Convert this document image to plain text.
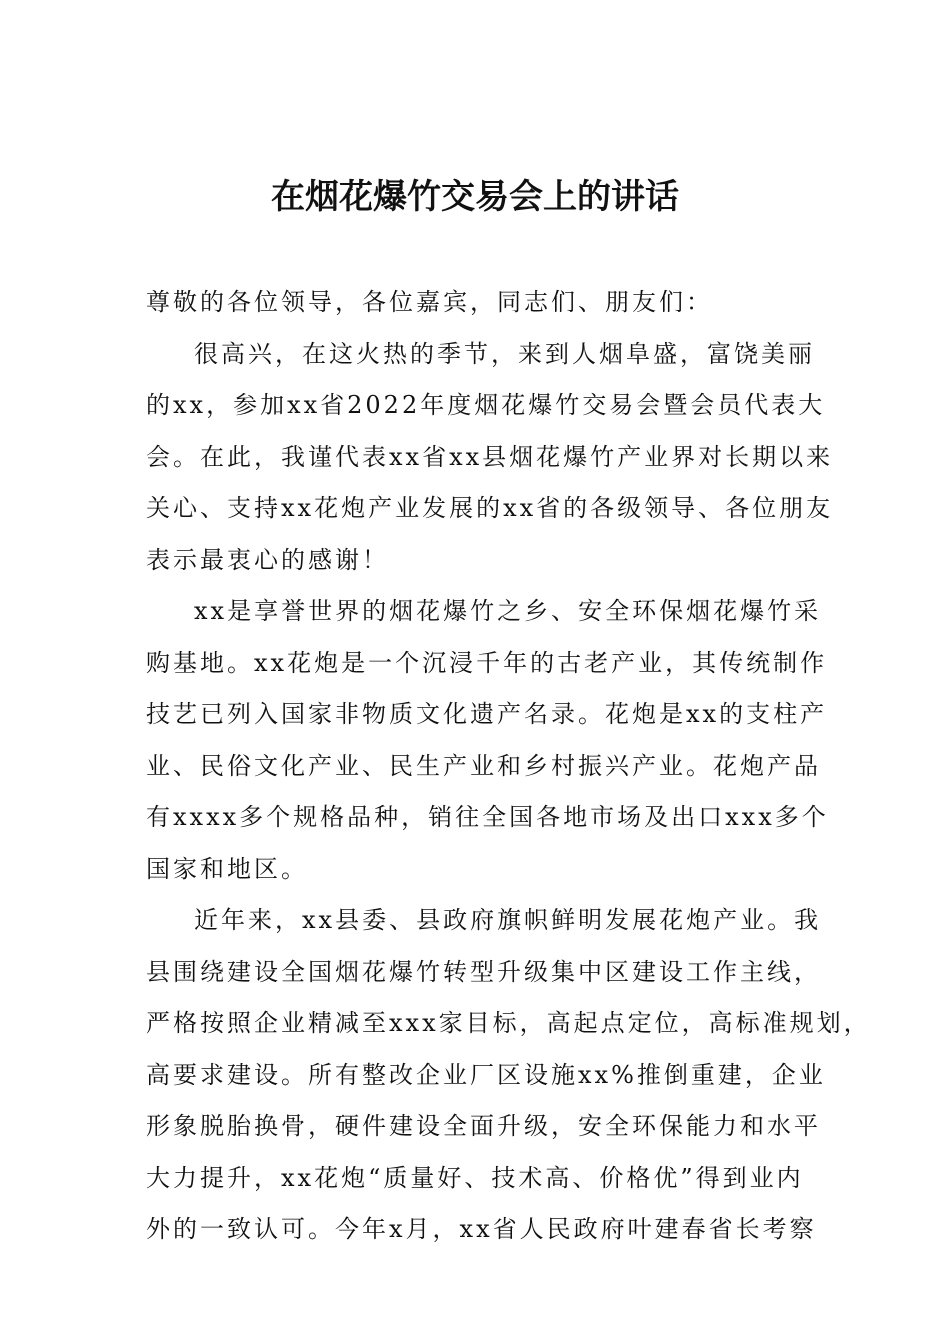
在烟花爆竹交易会上的讲话
尊敬的各位领导，各位嘉宾，同志们、朋友们：
很高兴，在这火热的季节，来到人烟阜盛，富饶美丽
的xx，参加xx省2022年度烟花爆竹交易会暨会员代表大
会。在此，我谨代表xx省xx县烟花爆竹产业界对长期以来
关心、支持xx花炮产业发展的xx省的各级领导、各位朋友
表示最衷心的感谢！
xx是享誉世界的烟花爆竹之乡、安全环保烟花爆竹采
购基地。xx花炮是一个沉浸千年的古老产业，其传统制作
技艺已列入国家非物质文化遗产名录。花炮是xx的支柱产
业、民俗文化产业、民生产业和乡村振兴产业。花炮产品
有xxxx多个规格品种，销往全国各地市场及出口xxx多个
国家和地区。
近年来，xx县委、县政府旗帜鲜明发展花炮产业。我
县围绕建设全国烟花爆竹转型升级集中区建设工作主线，
严格按照企业精减至xxx家目标，高起点定位，高标准规划，
高要求建设。所有整改企业厂区设施xx%推倒重建，企业
形象脱胎换骨，硬件建设全面升级，安全环保能力和水平
大力提升，xx花炮“质量好、技术高、价格优”得到业内
外的一致认可。今年x月，xx省人民政府叶建春省长考察
